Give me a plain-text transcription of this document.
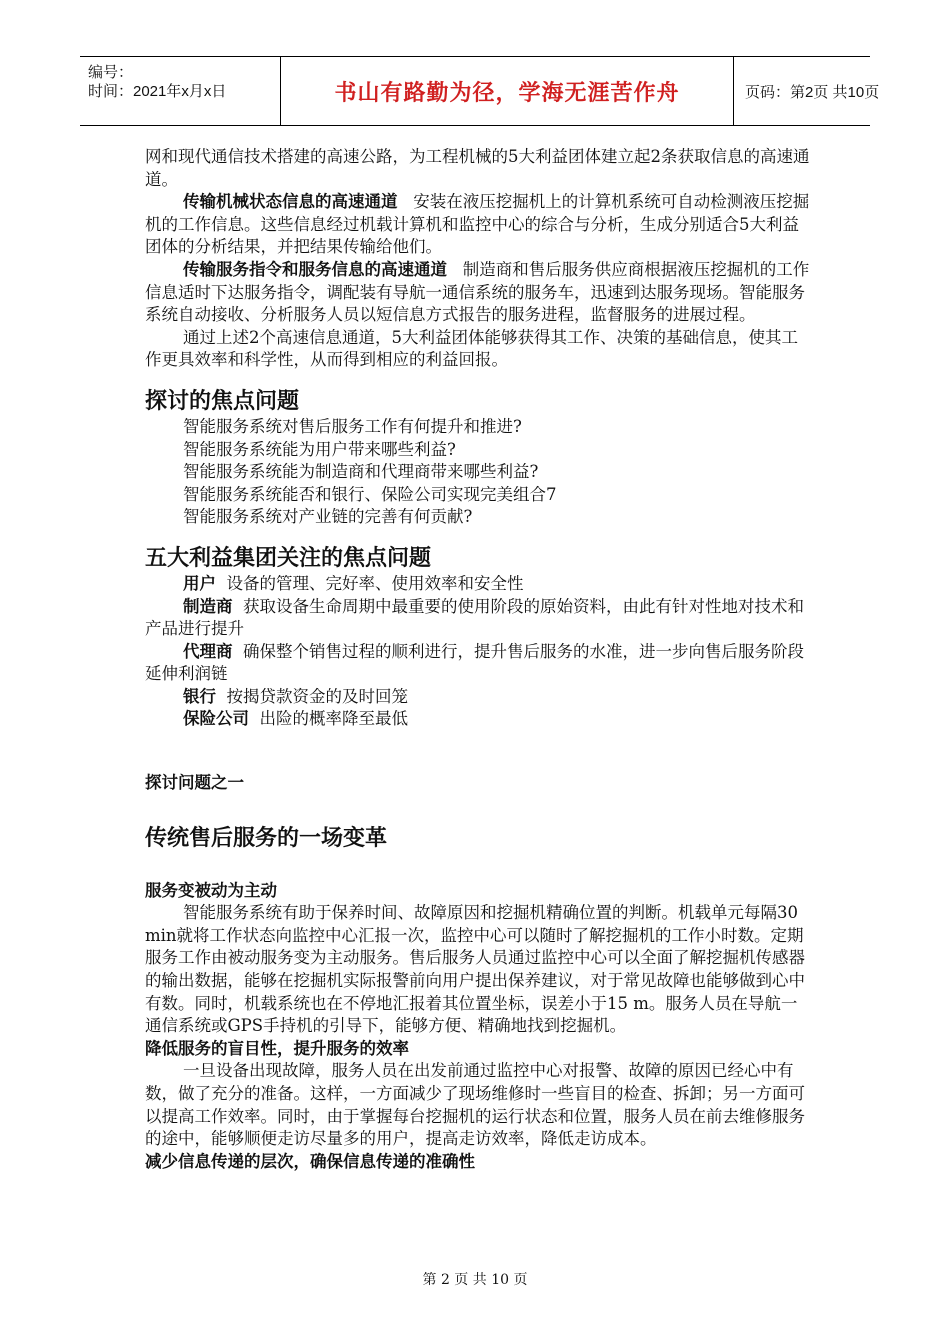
编号：
时间：2021年x月x日	书山有路勤为径，学海无涯苦作舟	页码：第2页 共10页

网和现代通信技术搭建的高速公路，为工程机械的5大利益团体建立起2条获取信息的高速通道。

传输机械状态信息的高速通道 安装在液压挖掘机上的计算机系统可自动检测液压挖掘机的工作信息。这些信息经过机载计算机和监控中心的综合与分析，生成分别适合5大利益团体的分析结果，并把结果传输给他们。

传输服务指令和服务信息的高速通道 制造商和售后服务供应商根据液压挖掘机的工作信息适时下达服务指令，调配装有导航一通信系统的服务车，迅速到达服务现场。智能服务系统自动接收、分析服务人员以短信息方式报告的服务进程，监督服务的进展过程。

通过上述2个高速信息通道，5大利益团体能够获得其工作、决策的基础信息，使其工作更具效率和科学性，从而得到相应的利益回报。

探讨的焦点问题

智能服务系统对售后服务工作有何提升和推进?

智能服务系统能为用户带来哪些利益?

智能服务系统能为制造商和代理商带来哪些利益?

智能服务系统能否和银行、保险公司实现完美组合7

智能服务系统对产业链的完善有何贡献?

五大利益集团关注的焦点问题

用户 设备的管理、完好率、使用效率和安全性

制造商 获取设备生命周期中最重要的使用阶段的原始资料，由此有针对性地对技术和产品进行提升

代理商 确保整个销售过程的顺利进行，提升售后服务的水准，进一步向售后服务阶段延伸利润链

银行 按揭贷款资金的及时回笼

保险公司 出险的概率降至最低

探讨问题之一
传统售后服务的一场变革
服务变被动为主动

智能服务系统有助于保养时间、故障原因和挖掘机精确位置的判断。机载单元每隔30 min就将工作状态向监控中心汇报一次，监控中心可以随时了解挖掘机的工作小时数。定期服务工作由被动服务变为主动服务。售后服务人员通过监控中心可以全面了解挖掘机传感器的输出数据，能够在挖掘机实际报警前向用户提出保养建议，对于常见故障也能够做到心中有数。同时，机载系统也在不停地汇报着其位置坐标，误差小于15 m。服务人员在导航一通信系统或GPS手持机的引导下，能够方便、精确地找到挖掘机。

降低服务的盲目性，提升服务的效率

一旦设备出现故障，服务人员在出发前通过监控中心对报警、故障的原因已经心中有数，做了充分的准备。这样，一方面减少了现场维修时一些盲目的检查、拆卸；另一方面可以提高工作效率。同时，由于掌握每台挖掘机的运行状态和位置，服务人员在前去维修服务的途中，能够顺便走访尽量多的用户，提高走访效率，降低走访成本。

减少信息传递的层次，确保信息传递的准确性
第 2 页 共 10 页
